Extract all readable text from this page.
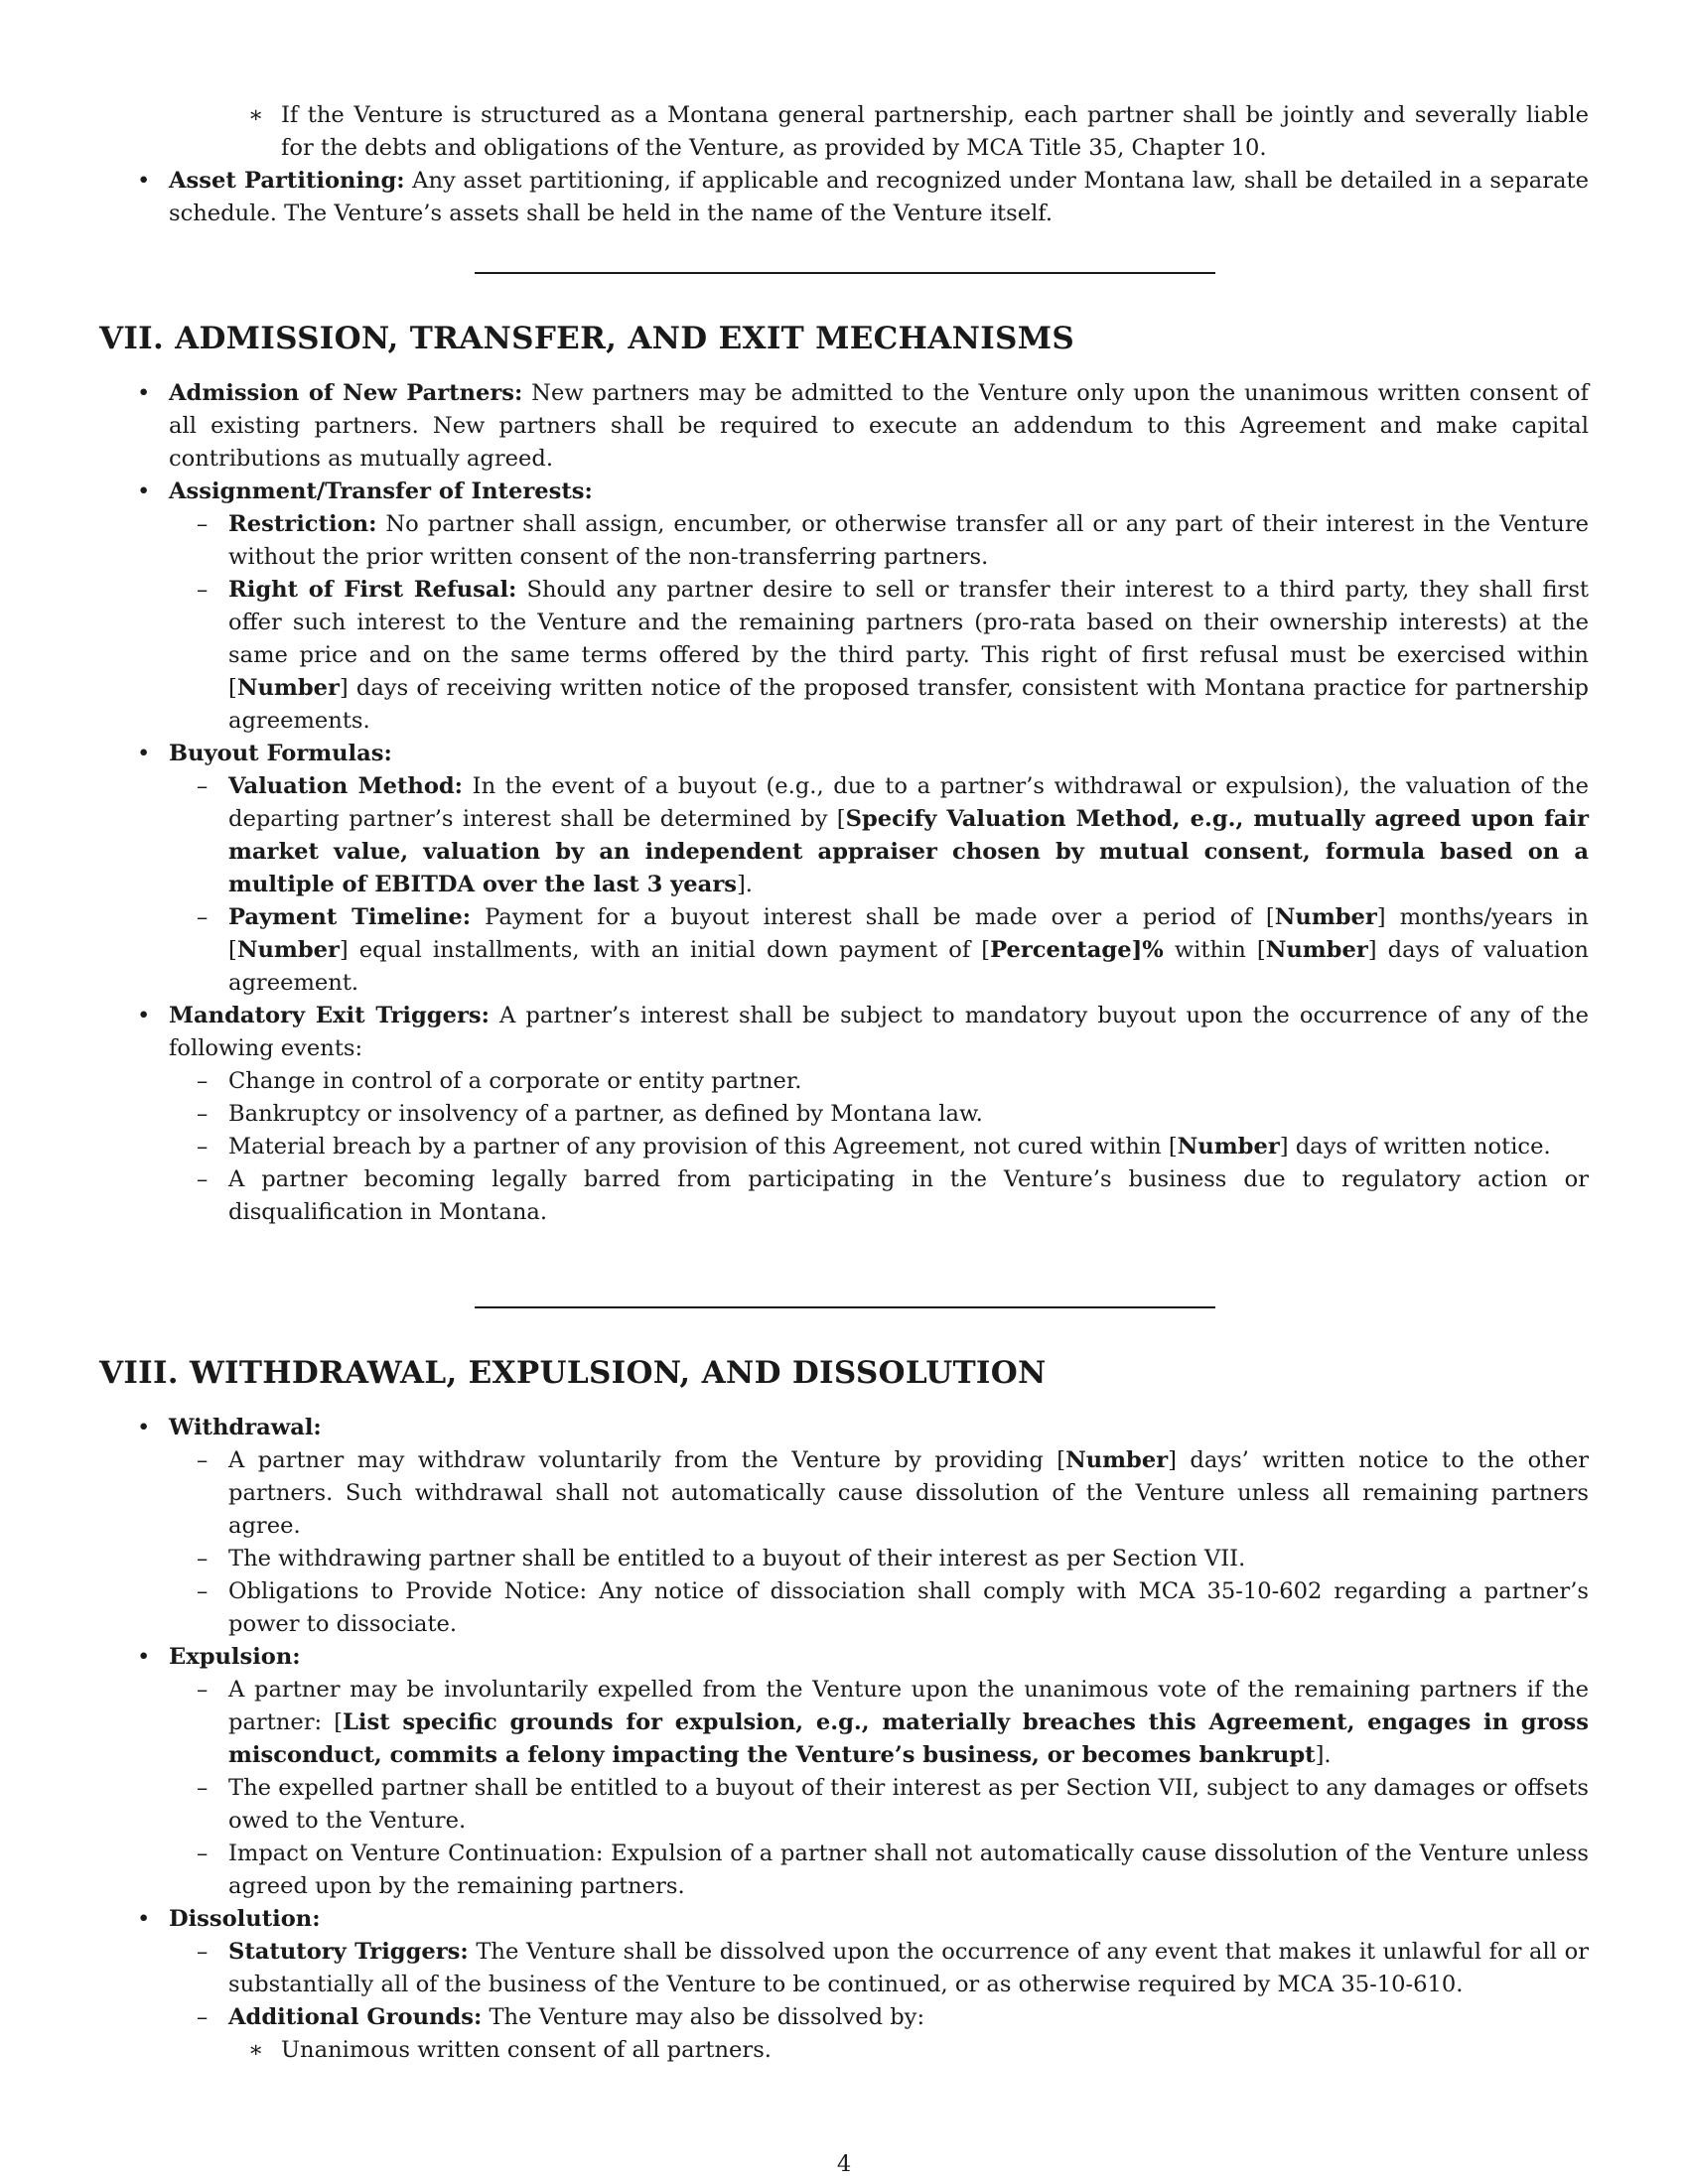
∗ If the Venture is structured as a Montana general partnership, each partner shall be jointly and severally liable for the debts and obligations of the Venture, as provided by MCA Title 35, Chapter 10.

• Asset Partitioning: Any asset partitioning, if applicable and recognized under Montana law, shall be detailed in a separate schedule. The Venture’s assets shall be held in the name of the Venture itself.

VII. ADMISSION, TRANSFER, AND EXIT MECHANISMS

• Admission of New Partners: New partners may be admitted to the Venture only upon the unanimous written consent of all existing partners. New partners shall be required to execute an addendum to this Agreement and make capital contributions as mutually agreed.

• Assignment/Transfer of Interests:

– Restriction: No partner shall assign, encumber, or otherwise transfer all or any part of their interest in the Venture without the prior written consent of the non-transferring partners.

– Right of First Refusal: Should any partner desire to sell or transfer their interest to a third party, they shall first offer such interest to the Venture and the remaining partners (pro-rata based on their ownership interests) at the same price and on the same terms offered by the third party. This right of first refusal must be exercised within [Number] days of receiving written notice of the proposed transfer, consistent with Montana practice for partnership agreements.

• Buyout Formulas:

– Valuation Method: In the event of a buyout (e.g., due to a partner’s withdrawal or expulsion), the valuation of the departing partner’s interest shall be determined by [Specify Valuation Method, e.g., mutually agreed upon fair market value, valuation by an independent appraiser chosen by mutual consent, formula based on a multiple of EBITDA over the last 3 years].

– Payment Timeline: Payment for a buyout interest shall be made over a period of [Number] months/years in [Number] equal installments, with an initial down payment of [Percentage]% within [Number] days of valuation agreement.

• Mandatory Exit Triggers: A partner’s interest shall be subject to mandatory buyout upon the occurrence of any of the following events:

– Change in control of a corporate or entity partner.

– Bankruptcy or insolvency of a partner, as defined by Montana law.

– Material breach by a partner of any provision of this Agreement, not cured within [Number] days of written notice.

– A partner becoming legally barred from participating in the Venture’s business due to regulatory action or disqualification in Montana.

VIII. WITHDRAWAL, EXPULSION, AND DISSOLUTION

• Withdrawal:

– A partner may withdraw voluntarily from the Venture by providing [Number] days’ written notice to the other partners. Such withdrawal shall not automatically cause dissolution of the Venture unless all remaining partners agree.

– The withdrawing partner shall be entitled to a buyout of their interest as per Section VII.

– Obligations to Provide Notice: Any notice of dissociation shall comply with MCA 35-10-602 regarding a partner’s power to dissociate.

• Expulsion:

– A partner may be involuntarily expelled from the Venture upon the unanimous vote of the remaining partners if the partner: [List specific grounds for expulsion, e.g., materially breaches this Agreement, engages in gross misconduct, commits a felony impacting the Venture’s business, or becomes bankrupt].

– The expelled partner shall be entitled to a buyout of their interest as per Section VII, subject to any damages or offsets owed to the Venture.

– Impact on Venture Continuation: Expulsion of a partner shall not automatically cause dissolution of the Venture unless agreed upon by the remaining partners.

• Dissolution:

– Statutory Triggers: The Venture shall be dissolved upon the occurrence of any event that makes it unlawful for all or substantially all of the business of the Venture to be continued, or as otherwise required by MCA 35-10-610.

– Additional Grounds: The Venture may also be dissolved by:

∗ Unanimous written consent of all partners.

4
